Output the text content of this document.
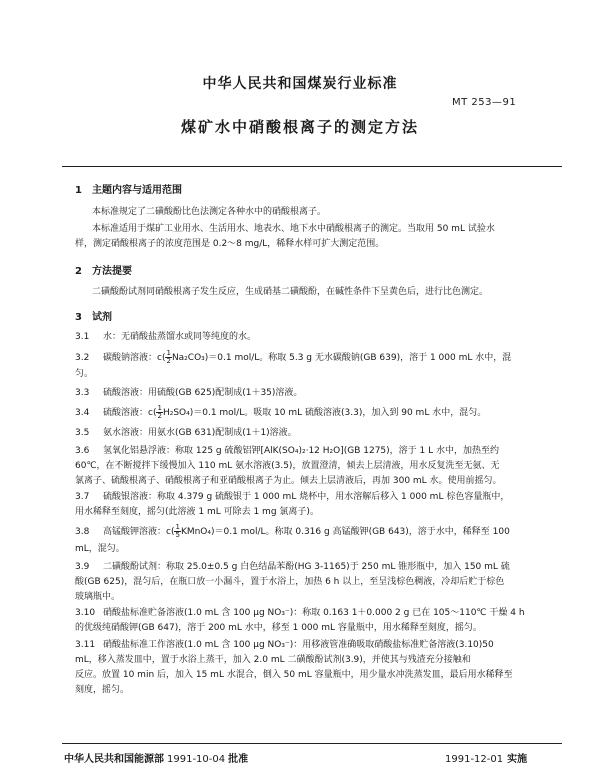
中华人民共和国煤炭行业标准
MT 253—91
煤矿水中硝酸根离子的测定方法
1　主题内容与适用范围
本标准规定了二磺酸酚比色法测定各种水中的硝酸根离子。
本标准适用于煤矿工业用水、生活用水、地表水、地下水中硝酸根离子的测定。当取用 50 mL 试验水
样，测定硝酸根离子的浓度范围是 0.2～8 mg/L，稀释水样可扩大测定范围。
2　方法提要
二磺酸酚试剂同硝酸根离子发生反应，生成硝基二磺酸酚，在碱性条件下呈黄色后，进行比色测定。
3　试剂
3.1 水：无硝酸盐蒸馏水或同等纯度的水。
3.2 碳酸钠溶液：$c( \frac{1}{2} Na_2CO_3)=0.1$ mol/L。称取 5.3 g 无水碳酸钠(GB 639)，溶于 1 000 mL 水中，混
匀。
3.3 硫酸溶液：用硫酸(GB 625)配制成(1＋35)溶液。
3.4 硫酸溶液：$c( \frac{1}{2} H_2SO_4)=0.1$ mol/L。吸取 10 mL 硫酸溶液(3.3)，加入到 90 mL 水中，混匀。
3.5 氨水溶液：用氨水(GB 631)配制成(1＋1)溶液。
3.6 氢氧化铝悬浮液：称取 125 g 硫酸铝钾[AlK(SO₄)₂·12 H₂O](GB 1275)，溶于 1 L 水中，加热至约
60℃，在不断搅拌下缓慢加入 110 mL 氨水溶液(3.5)，放置澄清，倾去上层清液，用水反复洗至无氨、无
氯离子、硫酸根离子、硝酸根离子和亚硝酸根离子为止。倾去上层清液后，再加 300 mL 水。使用前摇匀。
3.7 硫酸银溶液：称取 4.379 g 硫酸银于 1 000 mL 烧杯中，用水溶解后移入 1 000 mL 棕色容量瓶中，
用水稀释至刻度，摇匀(此溶液 1 mL 可除去 1 mg 氯离子)。
3.8 高锰酸钾溶液：$c( \frac{1}{5}$ KMnO₄)＝0.1 mol/L。称取 0.316 g 高锰酸钾(GB 643)，溶于水中，稀释至 100
mL，混匀。
3.9 二磺酸酚试剂：称取 25.0±0.5 g 白色结晶苯酚(HG 3-1165)于 250 mL 锥形瓶中，加入 150 mL 硫
酸(GB 625)，混匀后，在瓶口放一小漏斗，置于水浴上，加热 6 h 以上，至呈浅棕色稠液，冷却后贮于棕色
玻璃瓶中。
3.10 硝酸盐标准贮备溶液(1.0 mL 含 100 μg NO₃⁻)：称取 0.163 1＋0.000 2 g 已在 105～110℃ 干燥 4 h
的优级纯硝酸钾(GB 647)，溶于 200 mL 水中，移至 1 000 mL 容量瓶中，用水稀释至刻度，摇匀。
3.11 硝酸盐标准工作溶液(1.0 mL 含 100 μg NO₃⁻)：用移液管准确吸取硝酸盐标准贮备溶液(3.10)50
mL，移入蒸发皿中，置于水浴上蒸干，加入 2.0 mL 二磺酸酚试剂(3.9)，并使其与残渣充分接触和
反应。放置 10 min 后，加入 15 mL 水混合，倒入 50 mL 容量瓶中，用少量水冲洗蒸发皿，最后用水稀释至
刻度，摇匀。
中华人民共和国能源部 1991-10-04 批准	1991-12-01 实施
